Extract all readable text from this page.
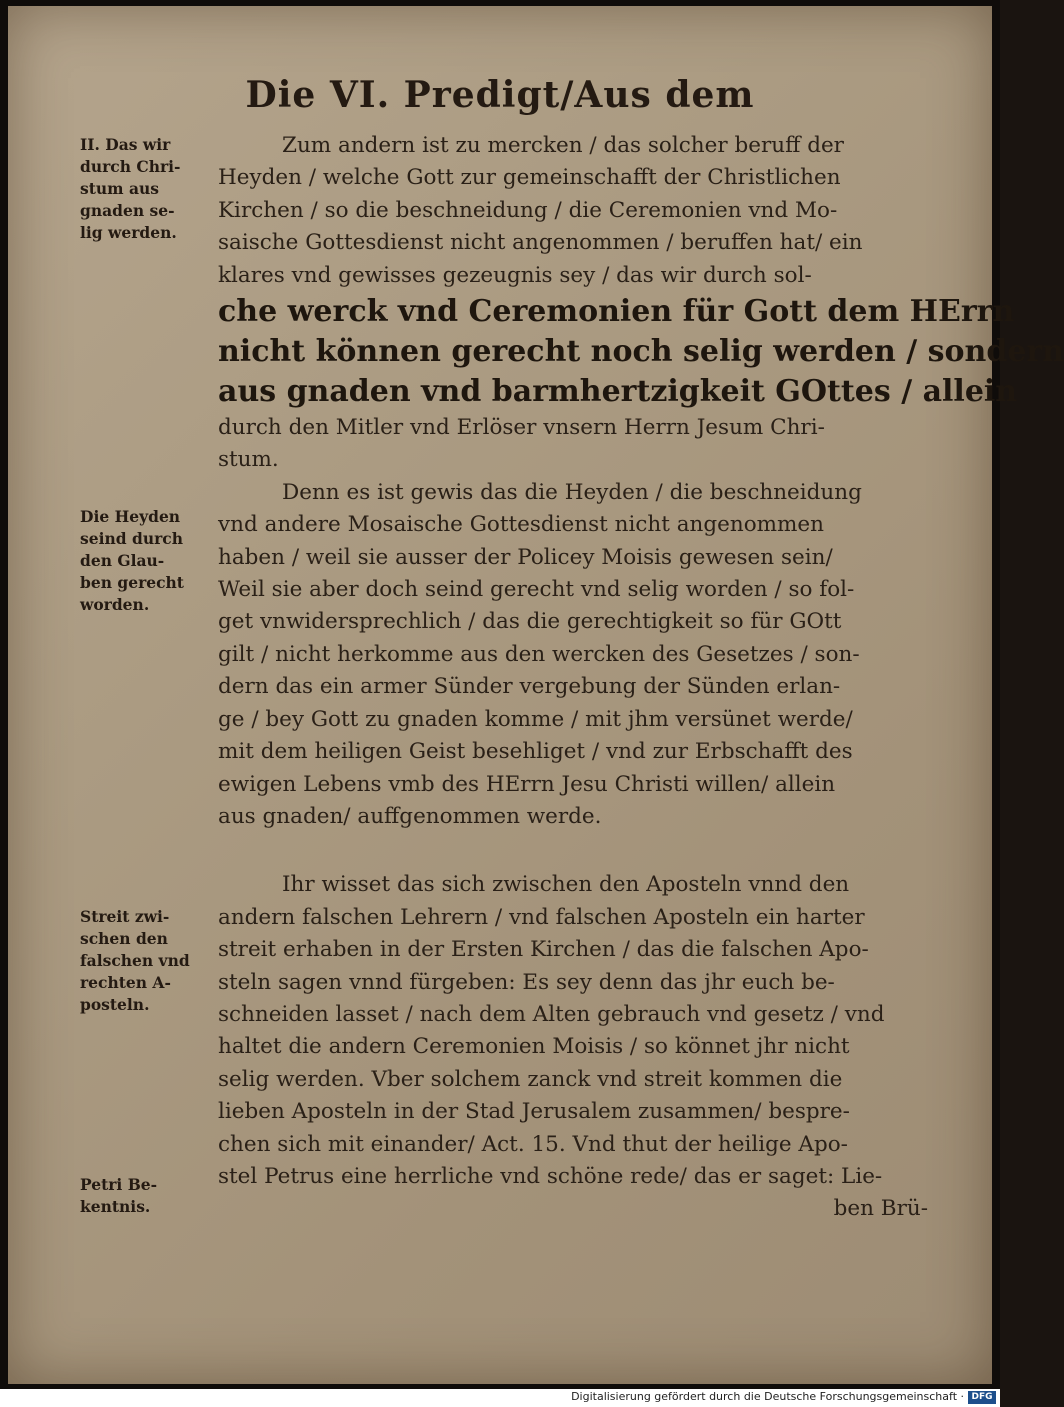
Die VI. Predigt/Aus dem
II. Das wir
durch Chri-
stum aus
gnaden se-
lig werden.
Die Heyden
seind durch
den Glau-
ben gerecht
worden.
Streit zwi-
schen den
falschen vnd
rechten A-
posteln.
Petri Be-
kentnis.

Zum andern ist zu mercken / das solcher beruff der
Heyden / welche Gott zur gemeinschafft der Christlichen
Kirchen / so die beschneidung / die Ceremonien vnd Mo-
saische Gottesdienst nicht angenommen / beruffen hat/ ein
klares vnd gewisses gezeugnis sey / das wir durch sol-
che werck vnd Ceremonien für Gott dem HErrn
nicht können gerecht noch selig werden / sondern
aus gnaden vnd barmhertzigkeit GOttes / allein
durch den Mitler vnd Erlöser vnsern Herrn Jesum Chri-
stum.

Denn es ist gewis das die Heyden / die beschneidung
vnd andere Mosaische Gottesdienst nicht angenommen
haben / weil sie ausser der Policey Moisis gewesen sein/
Weil sie aber doch seind gerecht vnd selig worden / so fol-
get vnwidersprechlich / das die gerechtigkeit so für GOtt
gilt / nicht herkomme aus den wercken des Gesetzes / son-
dern das ein armer Sünder vergebung der Sünden erlan-
ge / bey Gott zu gnaden komme / mit jhm versünet werde/
mit dem heiligen Geist besehliget / vnd zur Erbschafft des
ewigen Lebens vmb des HErrn Jesu Christi willen/ allein
aus gnaden/ auffgenommen werde.

Ihr wisset das sich zwischen den Aposteln vnnd den
andern falschen Lehrern / vnd falschen Aposteln ein harter
streit erhaben in der Ersten Kirchen / das die falschen Apo-
steln sagen vnnd fürgeben: Es sey denn das jhr euch be-
schneiden lasset / nach dem Alten gebrauch vnd gesetz / vnd
haltet die andern Ceremonien Moisis / so könnet jhr nicht
selig werden. Vber solchem zanck vnd streit kommen die
lieben Aposteln in der Stad Jerusalem zusammen/ bespre-
chen sich mit einander/ Act. 15. Vnd thut der heilige Apo-
stel Petrus eine herrliche vnd schöne rede/ das er saget: Lie-
ben Brü-

Digitalisierung gefördert durch die Deutsche Forschungsgemeinschaft · DFG
